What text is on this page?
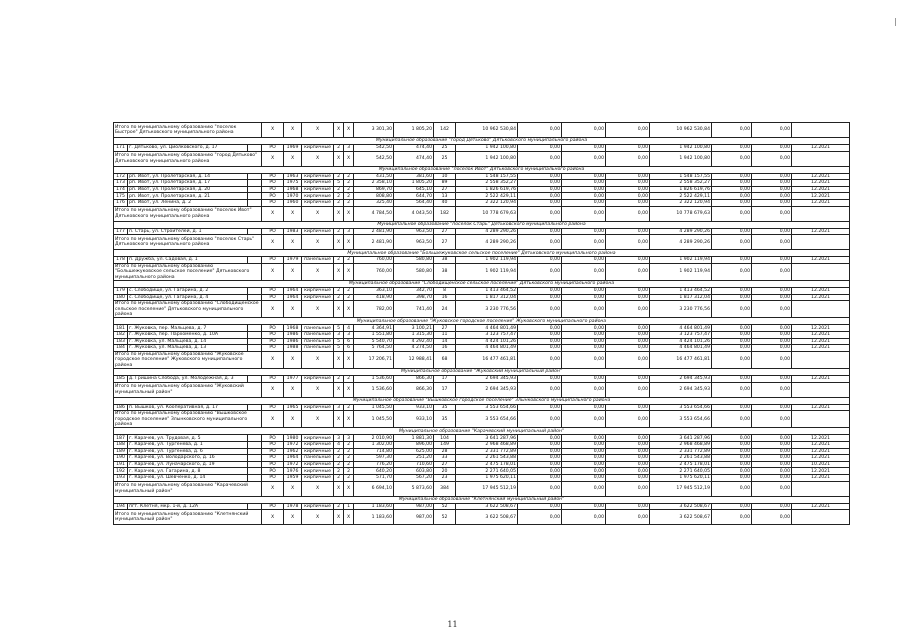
Итого по муниципальному образованию "поселок Быстрое" Дятьковского муниципального района			X	X	X	X	X	3 301,30	1 805,20	142	10 962 530,84	0,00	0,00	0,00	10 962 530,84	0,00	0,00	
Муниципальное образование "город Дятьково" Дятьковского муниципального района																		
171	г. Дятьково, ул. Циолковского, д. 17		РО	1969	кирпичные	2	3	542,50	474,40	25	1 942 100,80	0,00	0,00	0,00	1 942 100,80	0,00	0,00	12.2021
Итого по муниципальному образованию "город Дятьково" Дятьковского муниципального района			X	X	X	X	X	542,50	474,40	25	1 942 100,80	0,00	0,00	0,00	1 942 100,80	0,00	0,00	
Муниципальное образование "поселок Ивот" Дятьковского муниципального района																		
172	рп. Ивот, ул. Пролетарская, д. 14		РО	1963	кирпичные	2	2	431,50	381,60	10	1 548 157,55	0,00	0,00	0,00	1 548 157,55	0,00	0,00	12.2021
173	рп. Ивот, ул. Пролетарская, д. 17		РО	1975	кирпичные	5	2	2 358,10	1 805,20	89	2 558 352,27	0,00	0,00	0,00	2 558 352,27	0,00	0,00	12.2021
174	рп. Ивот, ул. Пролетарская, д. 20		РО	1968	кирпичные	2	2	869,70	645,10	27	1 826 619,76	0,00	0,00	0,00	1 826 619,76	0,00	0,00	12.2021
175	рп. Ивот, ул. Пролетарская, д. 21		РО	1970	кирпичные	2	2	808,80	644,70	13	2 522 429,11	0,00	0,00	0,00	2 522 429,11	0,00	0,00	12.2021
176	рп. Ивот, ул. Ленина, д. 2		РО	1960	кирпичные	2	2	325,40	564,40	40	2 322 120,94	0,00	0,00	0,00	2 322 120,94	0,00	0,00	12.2021
Итого по муниципальному образованию "поселок Ивот" Дятьковского муниципального района			X	X	X	X	X	4 784,50	4 043,50	182	10 778 679,63	0,00	0,00	0,00	10 778 679,63	0,00	0,00	
Муниципальное образование "поселок Старь" Дятьковского муниципального района																		
177	п. Старь, ул. Строителей, д. 1		РО	1983	кирпичные	2	3	2 481,90	963,50	27	4 289 290,26	0,00	0,00	0,00	4 289 290,26	0,00	0,00	12.2021
Итого по муниципальному образованию "поселок Старь" Дятьковского муниципального района			X	X	X	X	X	2 481,90	963,50	27	4 289 290,26	0,00	0,00	0,00	4 289 290,26	0,00	0,00	
Муниципальное образование "Большежуковское сельское поселение" Дятьковского муниципального района																		
178	п. Дружба, ул. Садовая, д. 1		РО	1979	панельные	2	2	760,00	580,80	38	1 902 119,94	0,00	0,00	0,00	1 902 119,94	0,00	0,00	12.2021
Итого по муниципальному образованию "Большежуковское сельское поселение" Дятьковского муниципального района			X	X	X	X	X	760,00	580,80	38	1 902 119,94	0,00	0,00	0,00	1 902 119,94	0,00	0,00	
Муниципальное образование "Слободищенское сельское поселение" Дятьковского муниципального района																		
179	с. Слободище, ул. Гагарина, д. 2		РО	1964	кирпичные	2	2	363,10	342,70	8	1 413 464,52	0,00	0,00	0,00	1 413 464,52	0,00	0,00	12.2021
180	с. Слободище, ул. Гагарина, д. 4		РО	1964	кирпичные	2	2	418,90	398,70	16	1 817 312,04	0,00	0,00	0,00	1 817 312,04	0,00	0,00	12.2021
Итого по муниципальному образованию "Слободищенское сельское поселение" Дятьковского муниципального района			X	X	X	X	X	782,00	741,40	24	3 230 776,56	0,00	0,00	0,00	3 230 776,56	0,00	0,00	
Муниципальное образование "Жуковское городское поселение" Жуковского муниципального района																		
181	г. Жуковка, пер. Мальцева, д. 7		РО	1968	панельные	5	4	4 364,91	3 100,21	27	4 464 801,49	0,00	0,00	0,00	4 464 801,49	0,00	0,00	12.2021
182	г. Жуковка, пер. Пархоменко, д. 10А		РО	1986	панельные	3	3	1 551,80	1 315,30	11	3 123 757,47	0,00	0,00	0,00	3 123 757,47	0,00	0,00	12.2021
183	г. Жуковка, ул. Мальцева, д. 14		РО	1986	панельные	5	6	5 540,70	4 292,40	14	4 424 101,26	0,00	0,00	0,00	4 424 101,26	0,00	0,00	12.2021
184	г. Жуковка, ул. Мальцева, д. 13		РО	1988	панельные	5	6	5 764,50	4 274,50	16	4 464 801,49	0,00	0,00	0,00	4 464 801,49	0,00	0,00	12.2021
Итого по муниципальному образованию "Жуковское городское поселение" Жуковского муниципального района			X	X	X	X	X	17 206,71	12 988,41	68	16 477 461,81	0,00	0,00	0,00	16 477 461,81	0,00	0,00	
Муниципальное образование "Жуковский муниципальный район"																		
185	д. Гришина Слобода, ул. Молодежная, д. 3		РО	1977	кирпичные	2	2	1 536,60	866,30	17	2 694 345,93	0,00	0,00	0,00	2 694 345,93	0,00	0,00	12.2021
Итого по муниципальному образованию "Жуковский муниципальный район"			X	X	X	X	X	1 536,60	866,30	17	2 694 345,93	0,00	0,00	0,00	2 694 345,93	0,00	0,00	
Муниципальное образование "Вышковское городское поселение" Злынковского муниципального района																		
186	п. Вышков, ул. Кооперативная, д. 17		РО	1965	кирпичные	3	2	1 045,50	933,10	35	3 553 654,66	0,00	0,00	0,00	3 553 654,66	0,00	0,00	12.2021
Итого по муниципальному образованию "Вышковское городское поселение" Злынковского муниципального района			X	X	X	X	X	1 045,50	933,10	35	3 553 654,66	0,00	0,00	0,00	3 553 654,66	0,00	0,00	
Муниципальное образование "Карачевский муниципальный район"																		
187	г. Карачев, ул. Трудовая, д. 5		РО	1980	кирпичные	3	3	2 010,90	1 881,30	104	3 641 287,96	0,00	0,00	0,00	3 641 287,96	0,00	0,00	12.2021
188	г. Карачев, ул. Тургенева, д. 1		РО	1972	кирпичные	4	2	1 302,00	896,00	149	2 968 468,89	0,00	0,00	0,00	2 968 468,89	0,00	0,00	12.2021
189	г. Карачев, ул. Тургенева, д. 6		РО	1962	кирпичные	2	2	714,80	625,00	28	2 331 772,89	0,00	0,00	0,00	2 331 772,89	0,00	0,00	12.2021
190	г. Карачев, ул. Володарского, д. 16		РО	1964	панельные	2	2	597,30	251,20	33	2 261 543,88	0,00	0,00	0,00	2 261 543,88	0,00	0,00	12.2021
191	г. Карачев, ул. Луначарского, д. 19		РО	1972	кирпичные	2	2	776,20	710,60	27	2 475 178,01	0,00	0,00	0,00	2 475 178,01	0,00	0,00	10.2021
192	г. Карачев, ул. Гагарина, д. 8		РО	1976	кирпичные	2	2	640,20	603,80	20	2 271 640,05	0,00	0,00	0,00	2 271 640,05	0,00	0,00	12.2021
193	г. Карачев, ул. Шевченко, д. 14		РО	1959	кирпичные	2	2	571,70	567,20	23	1 975 620,11	0,00	0,00	0,00	1 975 620,11	0,00	0,00	12.2021
Итого по муниципальному образованию "Карачевский муниципальный район"			X	X	X	X	X	6 694,10	5 873,60	384	17 945 512,19	0,00	0,00	0,00	17 945 512,19	0,00	0,00	
Муниципальное образование "Клетнянский муниципальный район"																		
194	пгт. Клетня, мкр. 1-й, д. 12А		РО	1978	кирпичные	2	1	1 183,60	987,00	52	3 622 508,67	0,00	0,00	0,00	3 622 508,67	0,00	0,00	12.2021
Итого по муниципальному образованию "Клетнянский муниципальный район"			X	X	X	X	X	1 183,60	987,00	52	3 622 508,67	0,00	0,00	0,00	3 622 508,67	0,00	0,00	
11
